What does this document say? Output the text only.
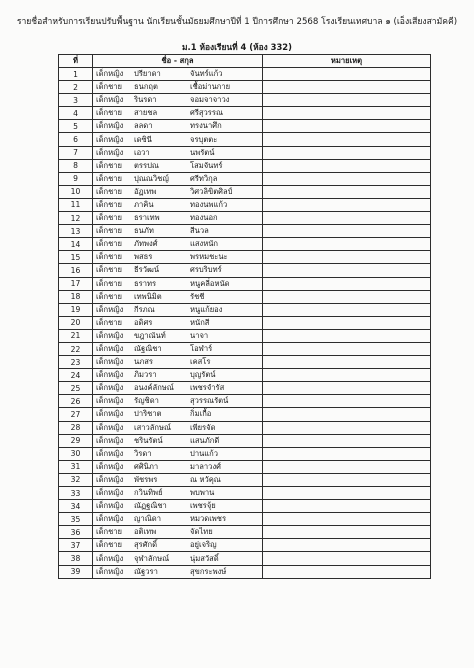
รายชื่อสำหรับการเรียนปรับพื้นฐาน นักเรียนชั้นมัธยมศึกษาปีที่ 1 ปีการศึกษา 2568 โรงเรียนเทศบาล ๑ (เอ็งเสียงสามัคคี)
ม.1 ห้องเรียนที่ 4 (ห้อง 332)
ที่	ชื่อ - สกุล	หมายเหตุ
1	เด็กหญิง ปรียาดา จันทร์แก้ว	
2	เด็กชาย ธนกฤต เชื้อม่านกาย	
3	เด็กหญิง รินรดา จอมจาจาวง	
4	เด็กชาย สายชล ศรีสุวรรณ	
5	เด็กหญิง ลลดา ทรงนาศึก	
6	เด็กหญิง เดซินี จรบุตตะ	
7	เด็กหญิง เอวา นพรัตน์	
8	เด็กชาย ตรรปณ โสมจันทร์	
9	เด็กชาย ปุณณวิชญ์ ศรีทวิกุล	
10	เด็กชาย อัฏเทพ วิศวลิขิตศิลป์	
11	เด็กชาย ภาคิน ทองนพแก้ว	
12	เด็กชาย ธราเทพ ทองนอก	
13	เด็กชาย ธนภัท สีนวล	
14	เด็กชาย ภัทพงศ์ แสงหนัก	
15	เด็กชาย พสธร พรหมชะนะ	
16	เด็กชาย ธีรวัฒน์ ศรบริบทร์	
17	เด็กชาย ธราทร หนูคลี่อหนัด	
18	เด็กชาย เทพนิมิต รัชชี	
19	เด็กหญิง กีรภณ หนูแก้ยอง	
20	เด็กชาย อดิศร หนักสี	
21	เด็กหญิง ขฎาณันท์ นาจา	
22	เด็กหญิง ณัฐณิชา โอฬาร์	
23	เด็กหญิง นภสร เคสโร	
24	เด็กหญิง ภิมวรา บุญรัตน์	
25	เด็กหญิง อนงค์ลักษณ์ เพชรจำรัส	
26	เด็กหญิง รัญชิดา สุวรรณรัตน์	
27	เด็กหญิง ปาริชาต กิ่มเกื้อ	
28	เด็กหญิง เสาวลักษณ์ เพียรจัด	
29	เด็กหญิง ชรินรัตน์ แสนภักดี	
30	เด็กหญิง วิรดา ปานแก้ว	
31	เด็กหญิง ศศินิภา มาลาวงศ์	
32	เด็กหญิง พัชรพร ณ หวัคุณ	
33	เด็กหญิง กวินทิพย์ พบพาน	
34	เด็กหญิง ณัฏฐณิชา เพชรจุ้ย	
35	เด็กหญิง ญาณิดา หมวดเพชร	
36	เด็กชาย อติเทพ จัดไทย	
37	เด็กชาย สุรศักดิ์ อยู่เจริญ	
38	เด็กหญิง จุฬาลักษณ์ นุ่มสวัสดิ์	
39	เด็กหญิง ณัฐวรา สุขกระพงษ์	
